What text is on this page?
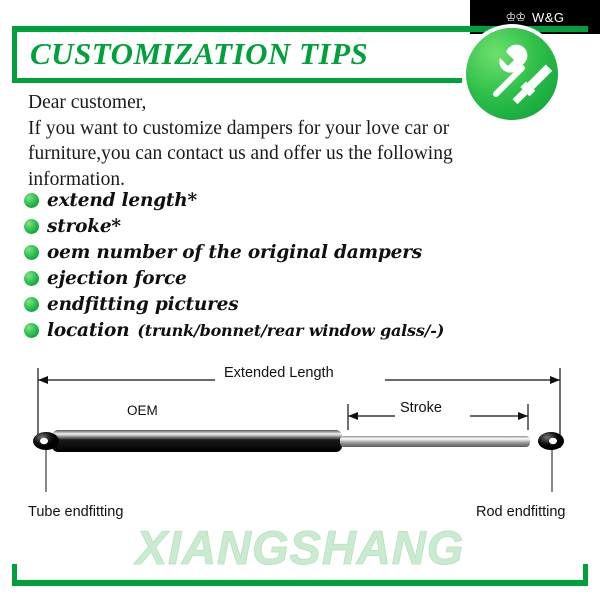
♔♔ W&G
CUSTOMIZATION TIPS
Dear customer,
If you want to customize dampers for your love car or furniture,you can contact us and offer us the following information.
extend length*
stroke*
oem number of the original dampers
ejection force
endfitting pictures
location (trunk/bonnet/rear window galss/-)
Extended Length
Stroke
OEM
Tube endfitting	Rod endfitting
XIANGSHANG
